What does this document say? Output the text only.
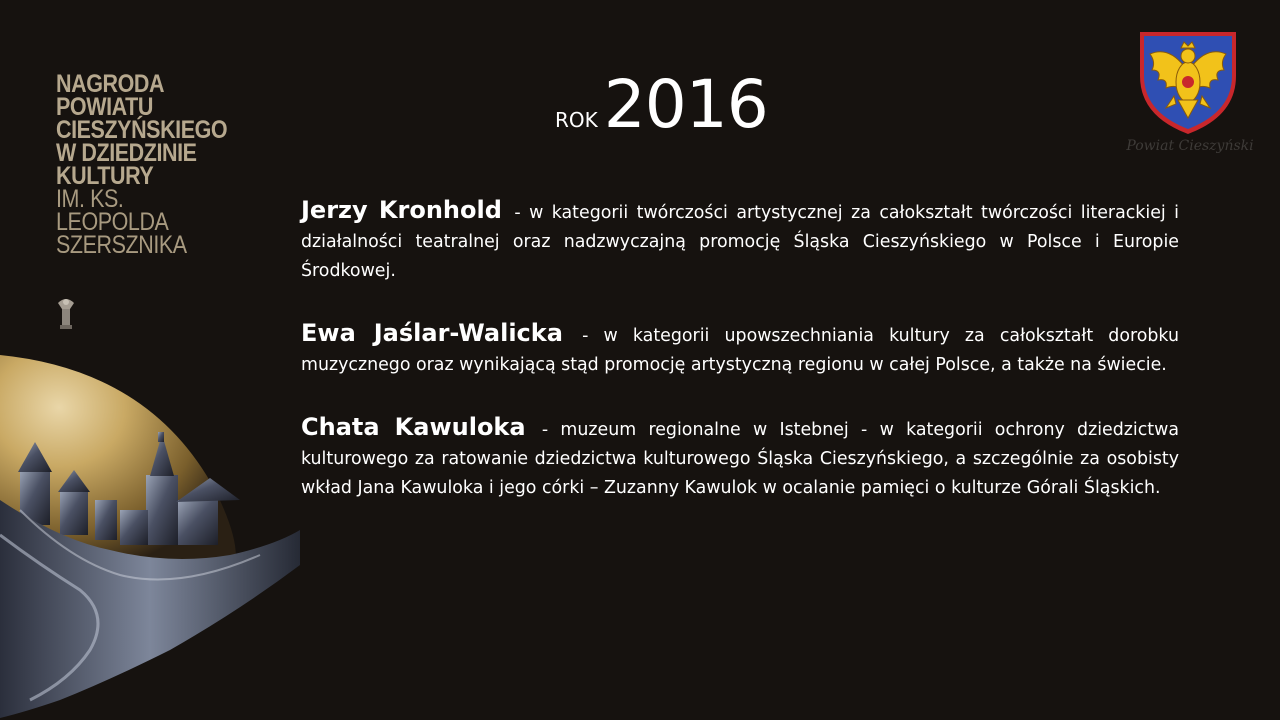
NAGRODA
POWIATU
CIESZYŃSKIEGO
W DZIEDZINIE
KULTURY
IM. KS.
LEOPOLDA
SZERSZNIKA
ROK2016
Powiat Cieszyński

Jerzy Kronhold - w kategorii twórczości artystycznej za całokształt twórczości literackiej i działalności teatralnej oraz nadzwyczajną promocję Śląska Cieszyńskiego w Polsce i Europie Środkowej.

Ewa Jaślar-Walicka - w kategorii upowszechniania kultury za całokształt dorobku muzycznego oraz wynikającą stąd promocję artystyczną regionu w całej Polsce, a także na świecie.

Chata Kawuloka - muzeum regionalne w Istebnej - w kategorii ochrony dziedzictwa kulturowego za ratowanie dziedzictwa kulturowego Śląska Cieszyńskiego, a szczególnie za osobisty wkład Jana Kawuloka i jego córki – Zuzanny Kawulok w ocalanie pamięci o kulturze Górali Śląskich.
